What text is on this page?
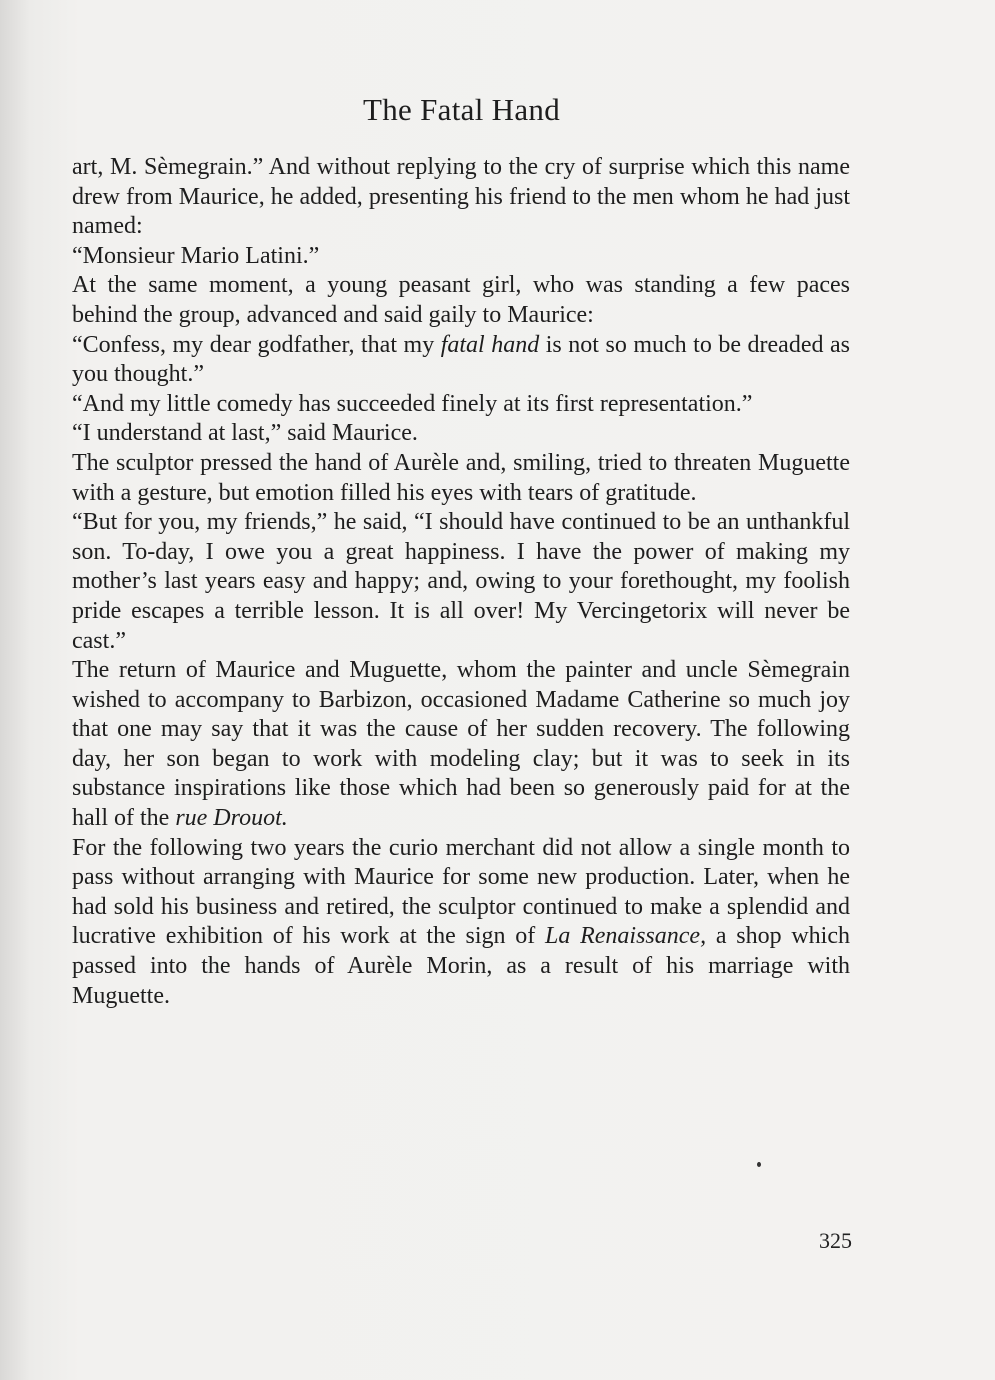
The Fatal Hand

art, M. Sèmegrain.” And without replying to the cry of surprise which this name drew from Maurice, he added, presenting his friend to the men whom he had just named:

“Monsieur Mario Latini.”

At the same moment, a young peasant girl, who was standing a few paces behind the group, advanced and said gaily to Maurice:

“Confess, my dear godfather, that my fatal hand is not so much to be dreaded as you thought.”

“And my little comedy has succeeded finely at its first representation.”

“I understand at last,” said Maurice.

The sculptor pressed the hand of Aurèle and, smiling, tried to threaten Muguette with a gesture, but emotion filled his eyes with tears of gratitude.

“But for you, my friends,” he said, “I should have continued to be an unthankful son. To-day, I owe you a great happiness. I have the power of making my mother’s last years easy and happy; and, owing to your forethought, my foolish pride escapes a terrible lesson. It is all over! My Vercingetorix will never be cast.”

The return of Maurice and Muguette, whom the painter and uncle Sèmegrain wished to accompany to Barbizon, occasioned Madame Catherine so much joy that one may say that it was the cause of her sudden recovery. The following day, her son began to work with modeling clay; but it was to seek in its substance inspirations like those which had been so generously paid for at the hall of the rue Drouot.

For the following two years the curio merchant did not allow a single month to pass without arranging with Maurice for some new production. Later, when he had sold his business and retired, the sculptor continued to make a splendid and lucrative exhibition of his work at the sign of La Renaissance, a shop which passed into the hands of Aurèle Morin, as a result of his marriage with Muguette.

325
